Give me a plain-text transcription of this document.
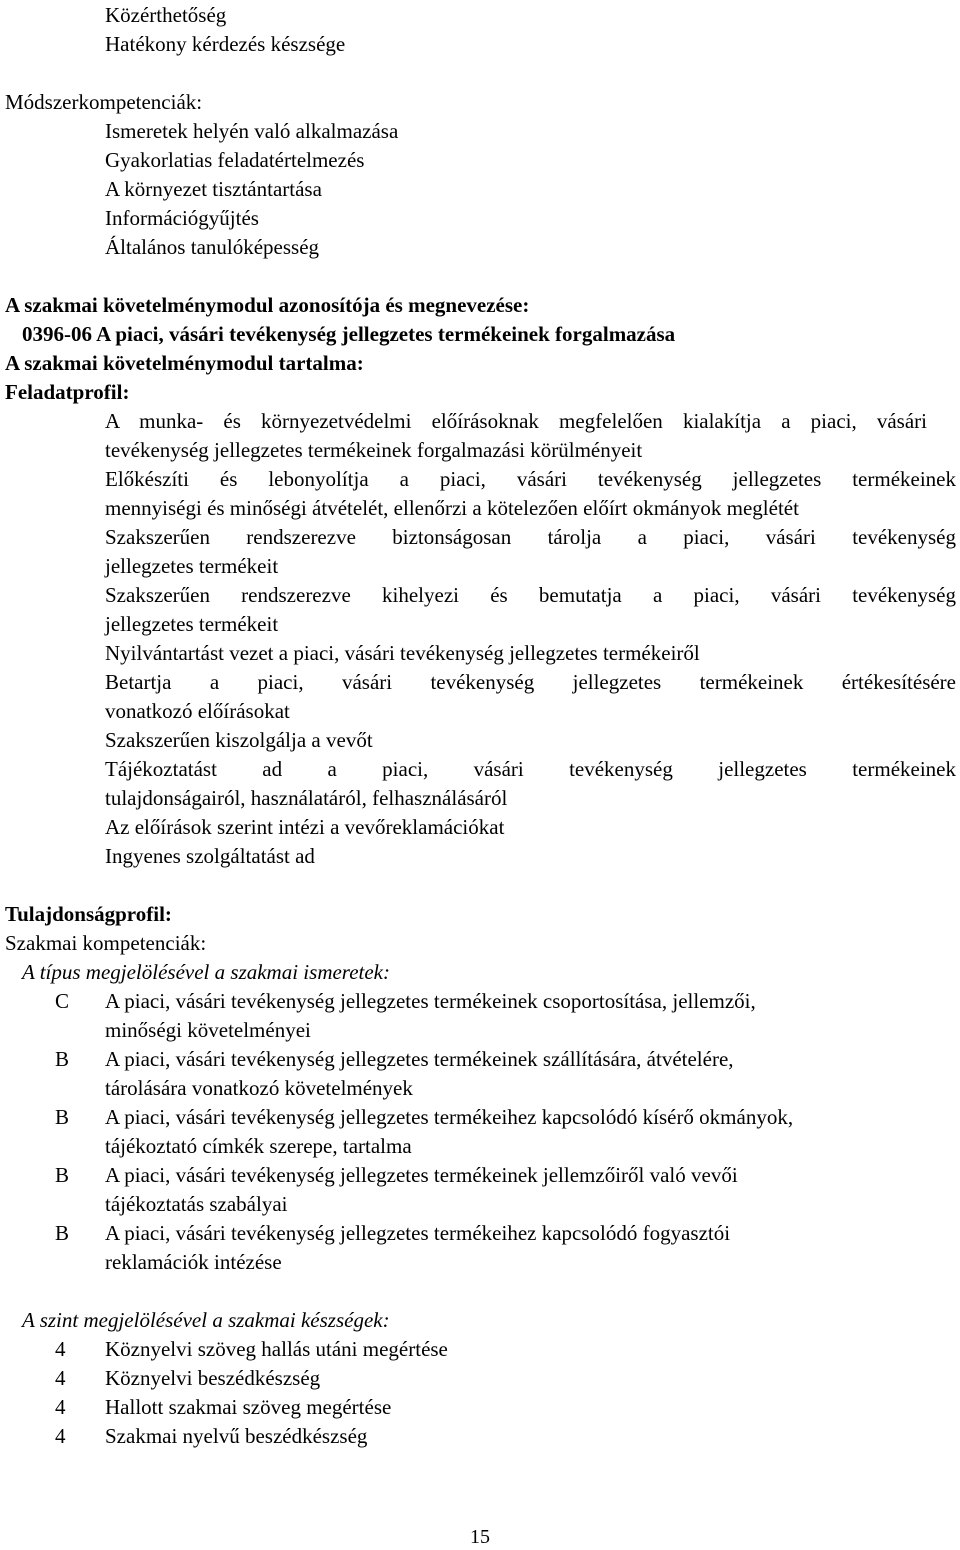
Közérthetőség
Hatékony kérdezés készsége
Módszerkompetenciák:
Ismeretek helyén való alkalmazása
Gyakorlatias feladatértelmezés
A környezet tisztántartása
Információgyűjtés
Általános tanulóképesség
A szakmai követelménymodul azonosítója és megnevezése:
0396-06 A piaci, vásári tevékenység jellegzetes termékeinek forgalmazása
A szakmai követelménymodul tartalma:
Feladatprofil:
A munka- és környezetvédelmi előírásoknak megfelelően kialakítja a piaci, vásári
tevékenység jellegzetes termékeinek forgalmazási körülményeit
Előkészíti és lebonyolítja a piaci, vásári tevékenység jellegzetes termékeinek
mennyiségi és minőségi átvételét, ellenőrzi a kötelezően előírt okmányok meglétét
Szakszerűen rendszerezve biztonságosan tárolja a piaci, vásári tevékenység
jellegzetes termékeit
Szakszerűen rendszerezve kihelyezi és bemutatja a piaci, vásári tevékenység
jellegzetes termékeit
Nyilvántartást vezet a piaci, vásári tevékenység jellegzetes termékeiről
Betartja a piaci, vásári tevékenység jellegzetes termékeinek értékesítésére
vonatkozó előírásokat
Szakszerűen kiszolgálja a vevőt
Tájékoztatást ad a piaci, vásári tevékenység jellegzetes termékeinek
tulajdonságairól, használatáról, felhasználásáról
Az előírások szerint intézi a vevőreklamációkat
Ingyenes szolgáltatást ad
Tulajdonságprofil:
Szakmai kompetenciák:
A típus megjelölésével a szakmai ismeretek:
C A piaci, vásári tevékenység jellegzetes termékeinek csoportosítása, jellemzői,
minőségi követelményei
B A piaci, vásári tevékenység jellegzetes termékeinek szállítására, átvételére,
tárolására vonatkozó követelmények
B A piaci, vásári tevékenység jellegzetes termékeihez kapcsolódó kísérő okmányok,
tájékoztató címkék szerepe, tartalma
B A piaci, vásári tevékenység jellegzetes termékeinek jellemzőiről való vevői
tájékoztatás szabályai
B A piaci, vásári tevékenység jellegzetes termékeihez kapcsolódó fogyasztói
reklamációk intézése
A szint megjelölésével a szakmai készségek:
4 Köznyelvi szöveg hallás utáni megértése
4 Köznyelvi beszédkészség
4 Hallott szakmai szöveg megértése
4 Szakmai nyelvű beszédkészség
15
